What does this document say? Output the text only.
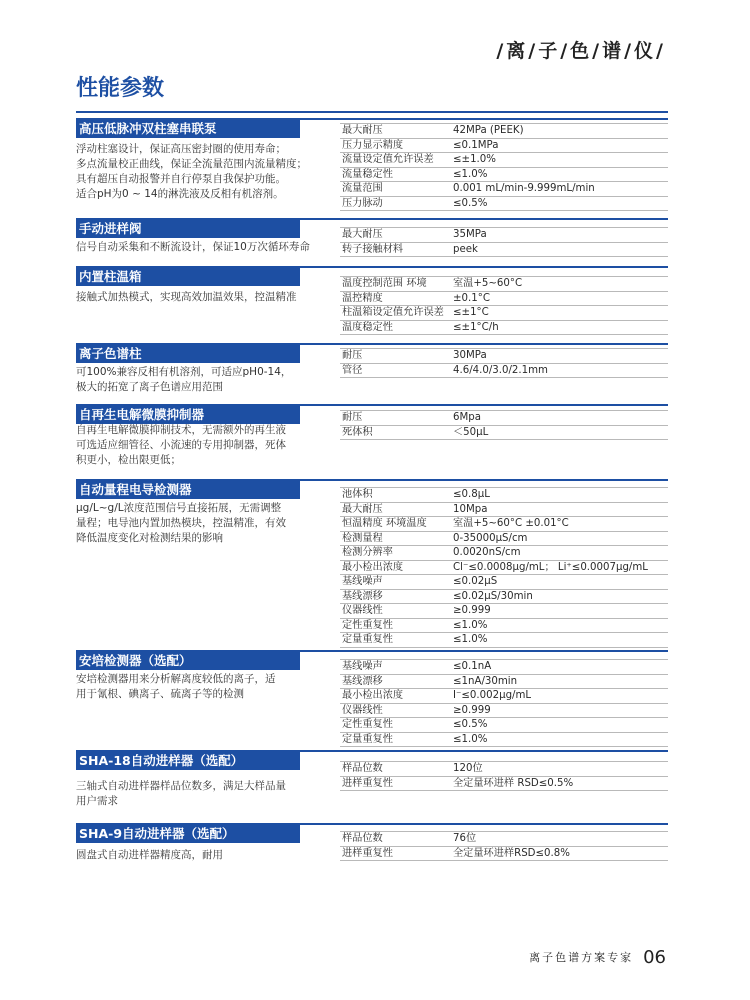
/离/子/色/谱/仪/
性能参数
高压低脉冲双柱塞串联泵
浮动柱塞设计，保证高压密封圈的使用寿命；
多点流量校正曲线，保证全流量范围内流量精度；
具有超压自动报警并自行停泵自我保护功能。
适合pH为0 ~ 14的淋洗液及反相有机溶剂。
最大耐压	42MPa (PEEK)
压力显示精度	≤0.1MPa
流量设定值允许误差 ≤±1.0%
流量稳定性	≤1.0%
流量范围	0.001 mL/min-9.999mL/min
压力脉动	≤0.5%
手动进样阀
信号自动采集和不断流设计，保证10万次循环寿命
最大耐压	35MPa
转子接触材料	peek
内置柱温箱
接触式加热模式，实现高效加温效果，控温精准
温度控制范围 环境	室温+5~60°C
温控精度	±0.1°C
柱温箱设定值允许误差 ≤±1°C
温度稳定性	≤±1°C/h
离子色谱柱
可100%兼容反相有机溶剂，可适应pH0-14，
极大的拓宽了离子色谱应用范围
耐压	30MPa
管径	4.6/4.0/3.0/2.1mm
自再生电解微膜抑制器
自再生电解微膜抑制技术，无需额外的再生液
可选适应细管径、小流速的专用抑制器，死体
积更小，检出限更低；
耐压	6Mpa
死体积	＜50μL
自动量程电导检测器
μg/L~g/L浓度范围信号直接拓展，无需调整
量程；电导池内置加热模块，控温精准，有效
降低温度变化对检测结果的影响
池体积	≤0.8μL
最大耐压	10Mpa
恒温精度 环境温度	室温+5~60°C ±0.01°C
检测量程	0-35000μS/cm
检测分辨率	0.0020nS/cm
最小检出浓度	Cl⁻≤0.0008μg/mL； Li⁺≤0.0007μg/mL
基线噪声	≤0.02μS
基线漂移	≤0.02μS/30min
仪器线性	≥0.999
定性重复性	≤1.0%
定量重复性	≤1.0%
安培检测器（选配）
安培检测器用来分析解离度较低的离子，适
用于氰根、碘离子、硫离子等的检测
基线噪声	≤0.1nA
基线漂移	≤1nA/30min
最小检出浓度	I⁻≤0.002μg/mL
仪器线性	≥0.999
定性重复性	≤0.5%
定量重复性	≤1.0%
SHA-18自动进样器（选配）
三轴式自动进样器样品位数多，满足大样品量
用户需求
样品位数	120位
进样重复性	全定量环进样 RSD≤0.5%
SHA-9自动进样器（选配）
圆盘式自动进样器精度高，耐用
样品位数	76位
进样重复性	全定量环进样RSD≤0.8%
离子色谱方案专家 06
